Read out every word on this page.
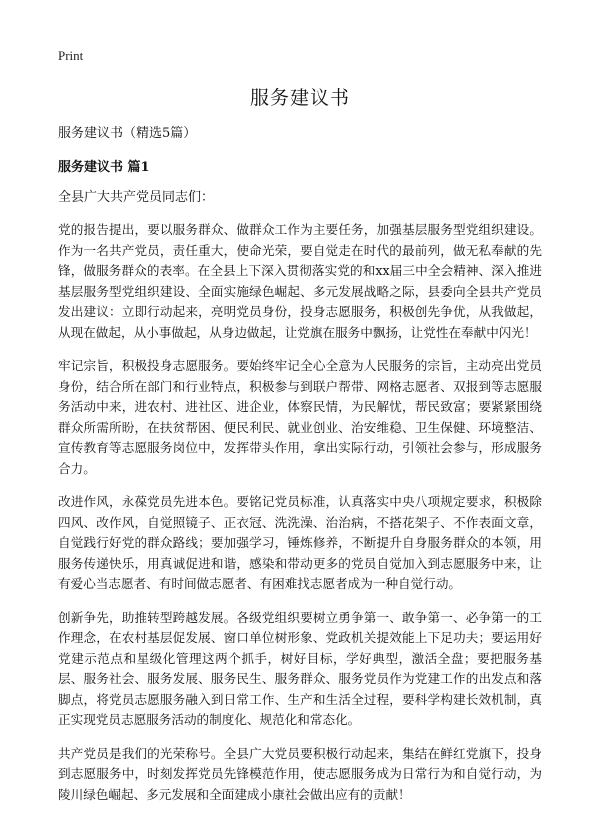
Print
服务建议书
服务建议书（精选5篇）
服务建议书 篇1
全县广大共产党员同志们：

党的报告提出，要以服务群众、做群众工作为主要任务，加强基层服务型党组织建设。作为一名共产党员，责任重大，使命光荣，要自觉走在时代的最前列，做无私奉献的先锋，做服务群众的表率。在全县上下深入贯彻落实党的和xx届三中全会精神、深入推进基层服务型党组织建设、全面实施绿色崛起、多元发展战略之际，县委向全县共产党员发出建议：立即行动起来，亮明党员身份，投身志愿服务，积极创先争优，从我做起，从现在做起，从小事做起，从身边做起，让党旗在服务中飘扬，让党性在奉献中闪光！

牢记宗旨，积极投身志愿服务。要始终牢记全心全意为人民服务的宗旨，主动亮出党员身份，结合所在部门和行业特点，积极参与到联户帮带、网格志愿者、双报到等志愿服务活动中来，进农村、进社区、进企业，体察民情，为民解忧，帮民致富；要紧紧围绕群众所需所盼，在扶贫帮困、便民利民、就业创业、治安维稳、卫生保健、环境整洁、宣传教育等志愿服务岗位中，发挥带头作用，拿出实际行动，引领社会参与，形成服务合力。

改进作风，永葆党员先进本色。要铭记党员标准，认真落实中央八项规定要求，积极除四风、改作风，自觉照镜子、正衣冠、洗洗澡、治治病，不搭花架子、不作表面文章，自觉践行好党的群众路线；要加强学习，锤炼修养，不断提升自身服务群众的本领，用服务传递快乐，用真诚促进和谐，感染和带动更多的党员自觉加入到志愿服务中来，让有爱心当志愿者、有时间做志愿者、有困难找志愿者成为一种自觉行动。

创新争先，助推转型跨越发展。各级党组织要树立勇争第一、敢争第一、必争第一的工作理念，在农村基层促发展、窗口单位树形象、党政机关提效能上下足功夫；要运用好党建示范点和星级化管理这两个抓手，树好目标，学好典型，激活全盘；要把服务基层、服务社会、服务发展、服务民生、服务群众、服务党员作为党建工作的出发点和落脚点，将党员志愿服务融入到日常工作、生产和生活全过程，要科学构建长效机制，真正实现党员志愿服务活动的制度化、规范化和常态化。

共产党员是我们的光荣称号。全县广大党员要积极行动起来，集结在鲜红党旗下，投身到志愿服务中，时刻发挥党员先锋模范作用，使志愿服务成为日常行为和自觉行动，为陵川绿色崛起、多元发展和全面建成小康社会做出应有的贡献！
